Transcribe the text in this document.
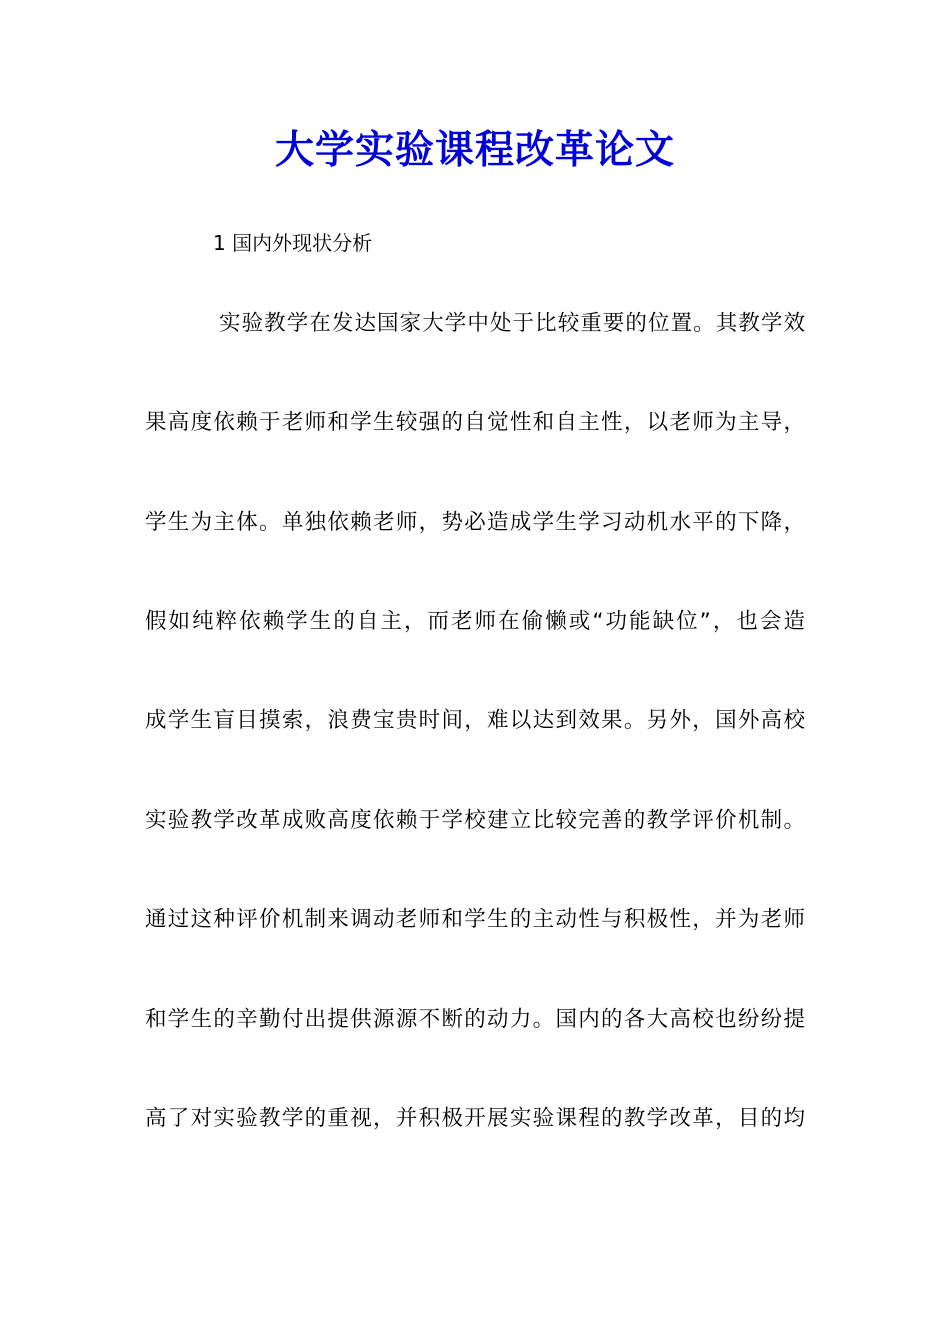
大学实验课程改革论文

1 国内外现状分析

实验教学在发达国家大学中处于比较重要的位置。其教学效

果高度依赖于老师和学生较强的自觉性和自主性，以老师为主导，

学生为主体。单独依赖老师，势必造成学生学习动机水平的下降，

假如纯粹依赖学生的自主，而老师在偷懒或“功能缺位”，也会造

成学生盲目摸索，浪费宝贵时间，难以达到效果。另外，国外高校

实验教学改革成败高度依赖于学校建立比较完善的教学评价机制。

通过这种评价机制来调动老师和学生的主动性与积极性，并为老师

和学生的辛勤付出提供源源不断的动力。国内的各大高校也纷纷提

高了对实验教学的重视，并积极开展实验课程的教学改革，目的均
